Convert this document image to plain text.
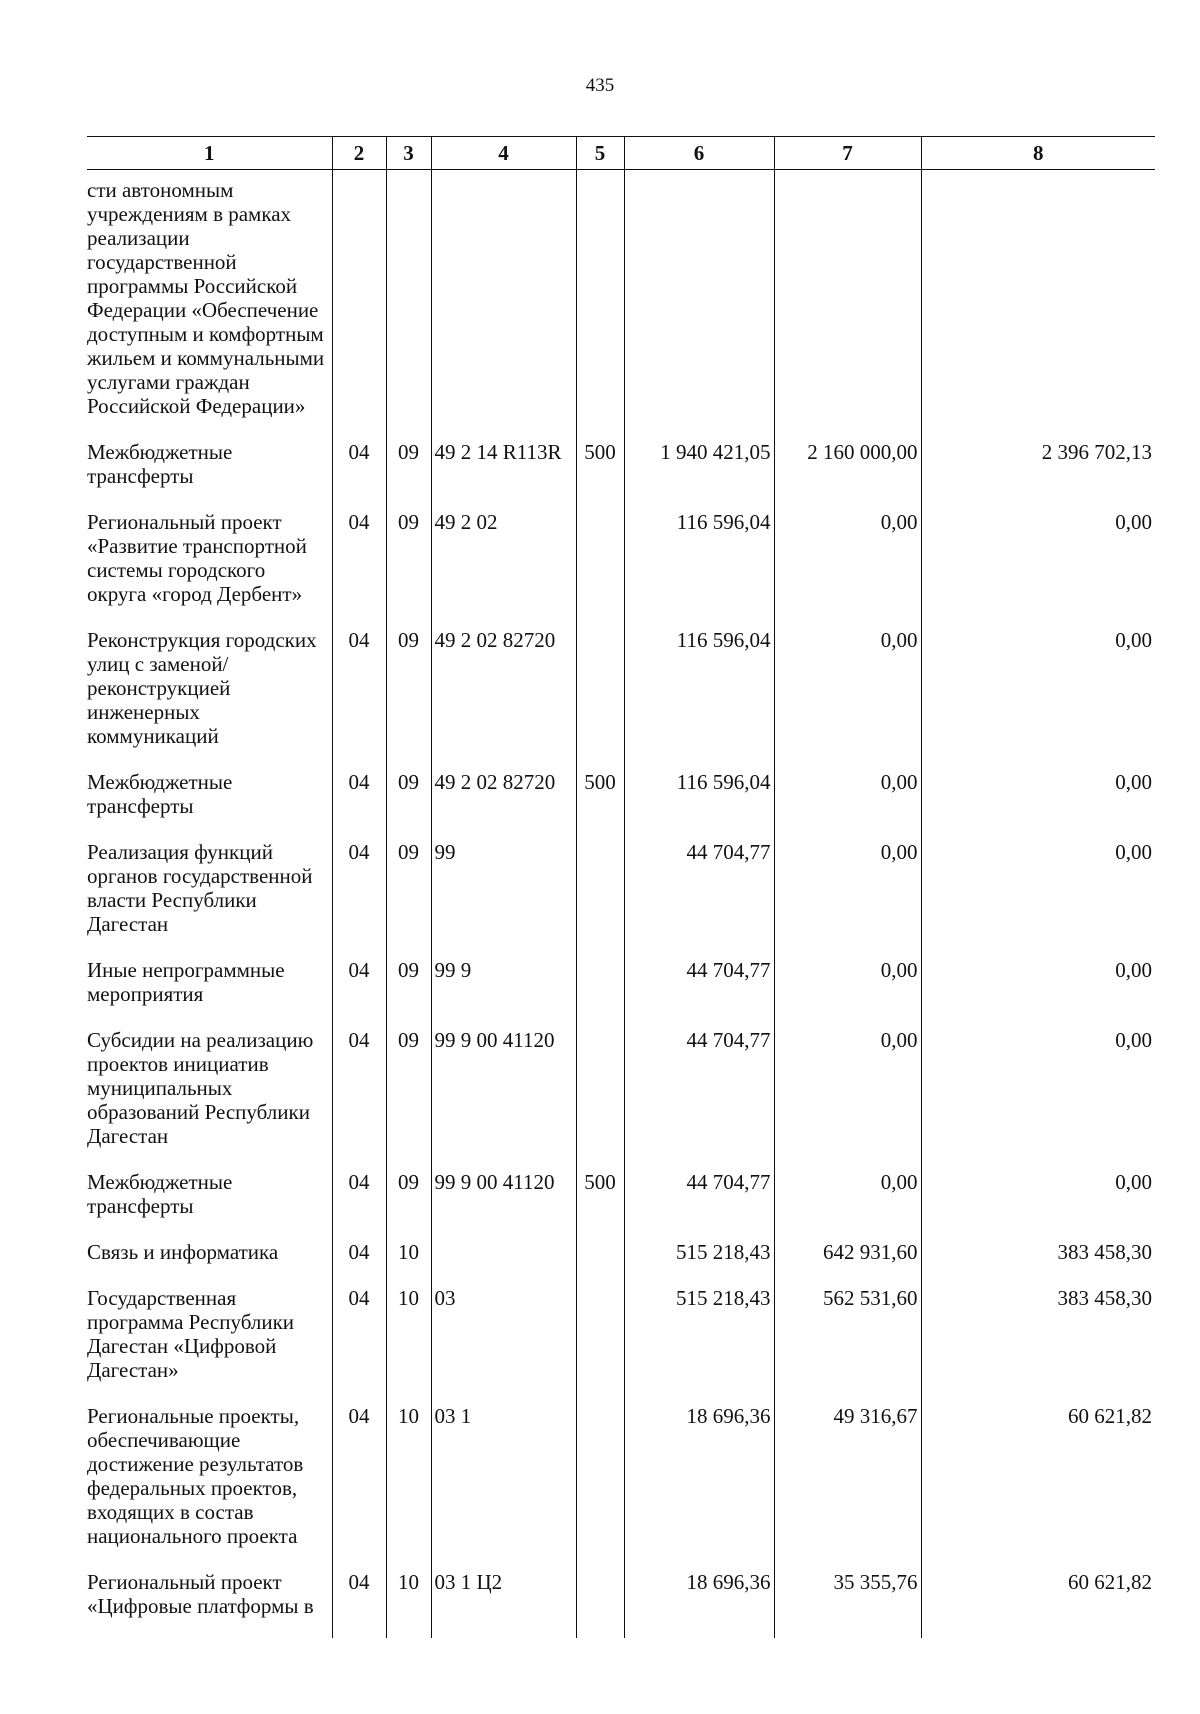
435
1	2	3	4	5	6	7	8
сти автономным учреждениям в рамках реализации государственной программы Российской Федерации «Обеспечение доступным и комфортным жильем и коммунальными услугами граждан Российской Федерации»							
Межбюджетные трансферты	04	09	49 2 14 R113R	500	1 940 421,05	2 160 000,00	2 396 702,13
Региональный проект «Развитие транспортной системы городского округа «город Дербент»	04	09	49 2 02		116 596,04	0,00	0,00
Реконструкция городских улиц с заменой/реконструкцией инженерных коммуникаций	04	09	49 2 02 82720		116 596,04	0,00	0,00
Межбюджетные трансферты	04	09	49 2 02 82720	500	116 596,04	0,00	0,00
Реализация функций органов государственной власти Республики Дагестан	04	09	99		44 704,77	0,00	0,00
Иные непрограммные мероприятия	04	09	99 9		44 704,77	0,00	0,00
Субсидии на реализацию проектов инициатив муниципальных образований Республики Дагестан	04	09	99 9 00 41120		44 704,77	0,00	0,00
Межбюджетные трансферты	04	09	99 9 00 41120	500	44 704,77	0,00	0,00
Связь и информатика	04	10			515 218,43	642 931,60	383 458,30
Государственная программа Республики Дагестан «Цифровой Дагестан»	04	10	03		515 218,43	562 531,60	383 458,30
Региональные проекты, обеспечивающие достижение результатов федеральных проектов, входящих в состав национального проекта	04	10	03 1		18 696,36	49 316,67	60 621,82
Региональный проект «Цифровые платформы в	04	10	03 1 Ц2		18 696,36	35 355,76	60 621,82
